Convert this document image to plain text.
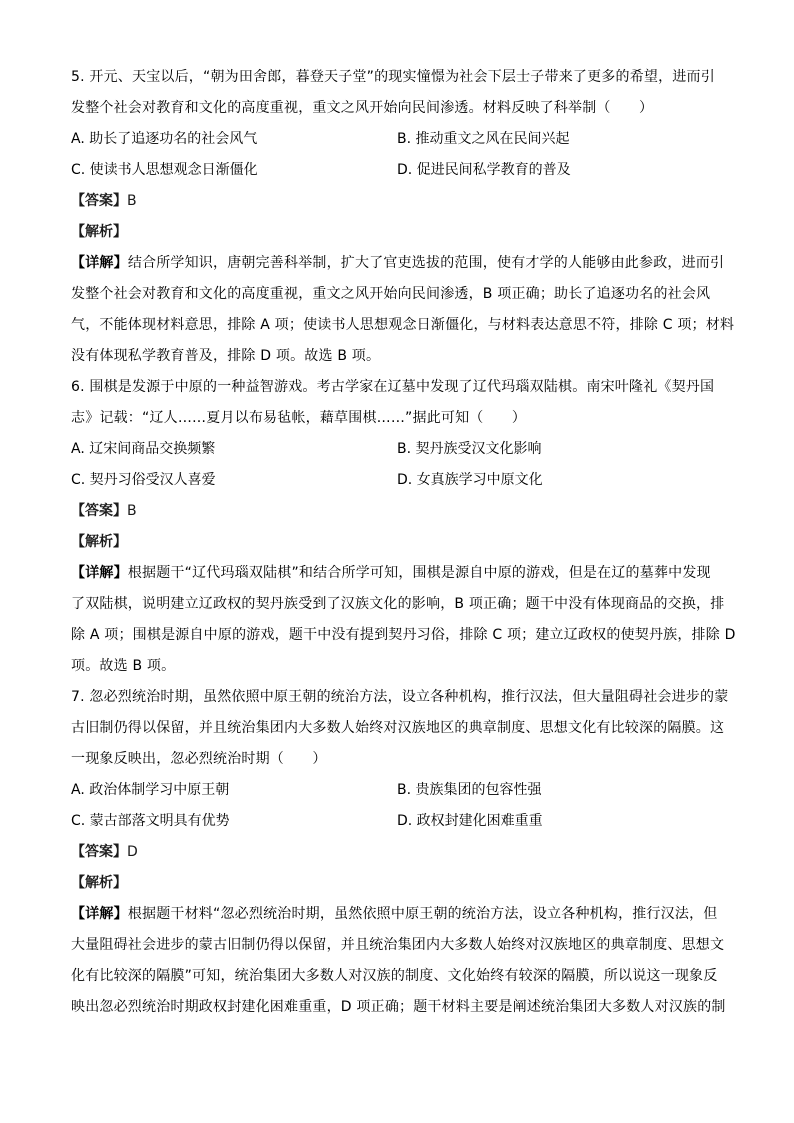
5. 开元、天宝以后，“朝为田舍郎，暮登天子堂”的现实憧憬为社会下层士子带来了更多的希望，进而引
发整个社会对教育和文化的高度重视，重文之风开始向民间渗透。材料反映了科举制（　　）
A. 助长了追逐功名的社会风气	B. 推动重文之风在民间兴起
C. 使读书人思想观念日渐僵化	D. 促进民间私学教育的普及
【答案】B
【解析】
【详解】结合所学知识，唐朝完善科举制，扩大了官吏选拔的范围，使有才学的人能够由此参政，进而引
发整个社会对教育和文化的高度重视，重文之风开始向民间渗透，B 项正确；助长了追逐功名的社会风
气，不能体现材料意思，排除 A 项；使读书人思想观念日渐僵化，与材料表达意思不符，排除 C 项；材料
没有体现私学教育普及，排除 D 项。故选 B 项。
6. 围棋是发源于中原的一种益智游戏。考古学家在辽墓中发现了辽代玛瑙双陆棋。南宋叶隆礼《契丹国
志》记载：“辽人……夏月以布易毡帐，藉草围棋……”据此可知（　　）
A. 辽宋间商品交换频繁	B. 契丹族受汉文化影响
C. 契丹习俗受汉人喜爱	D. 女真族学习中原文化
【答案】B
【解析】
【详解】根据题干“辽代玛瑙双陆棋”和结合所学可知，围棋是源自中原的游戏，但是在辽的墓葬中发现
了双陆棋，说明建立辽政权的契丹族受到了汉族文化的影响，B 项正确；题干中没有体现商品的交换，排
除 A 项；围棋是源自中原的游戏，题干中没有提到契丹习俗，排除 C 项；建立辽政权的使契丹族，排除 D
项。故选 B 项。
7. 忽必烈统治时期，虽然依照中原王朝的统治方法，设立各种机构，推行汉法，但大量阻碍社会进步的蒙
古旧制仍得以保留，并且统治集团内大多数人始终对汉族地区的典章制度、思想文化有比较深的隔膜。这
一现象反映出，忽必烈统治时期（　　）
A. 政治体制学习中原王朝	B. 贵族集团的包容性强
C. 蒙古部落文明具有优势	D. 政权封建化困难重重
【答案】D
【解析】
【详解】根据题干材料“忽必烈统治时期，虽然依照中原王朝的统治方法，设立各种机构，推行汉法，但
大量阻碍社会进步的蒙古旧制仍得以保留，并且统治集团内大多数人始终对汉族地区的典章制度、思想文
化有比较深的隔膜”可知，统治集团大多数人对汉族的制度、文化始终有较深的隔膜，所以说这一现象反
映出忽必烈统治时期政权封建化困难重重，D 项正确；题干材料主要是阐述统治集团大多数人对汉族的制
